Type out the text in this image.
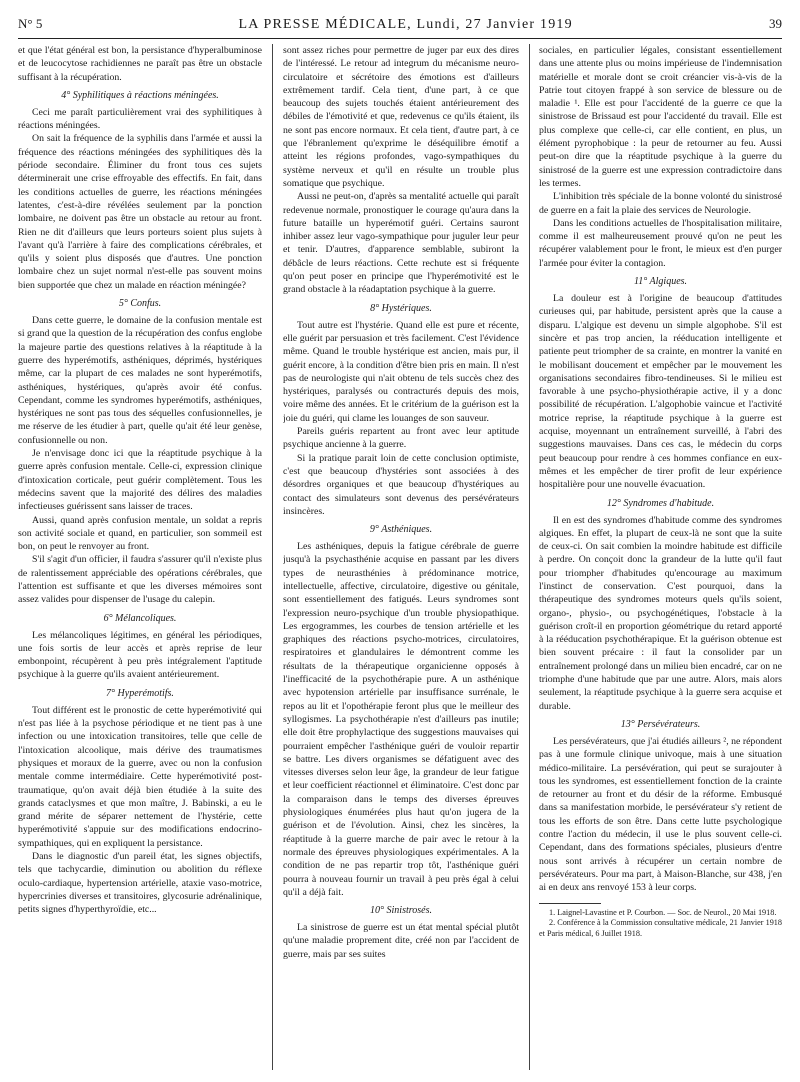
N° 5	LA PRESSE MÉDICALE, Lundi, 27 Janvier 1919	39

et que l'état général est bon, la persistance d'hyperalbuminose et de leucocytose rachidiennes ne paraît pas être un obstacle suffisant à la récupération.

4° Syphilitiques à réactions méningées.

Ceci me paraît particulièrement vrai des syphilitiques à réactions méningées.

On sait la fréquence de la syphilis dans l'armée et aussi la fréquence des réactions méningées des syphilitiques dès la période secondaire. Éliminer du front tous ces sujets déterminerait une crise effroyable des effectifs. En fait, dans les conditions actuelles de guerre, les réactions méningées latentes, c'est-à-dire révélées seulement par la ponction lombaire, ne doivent pas être un obstacle au retour au front. Rien ne dit d'ailleurs que leurs porteurs soient plus sujets à l'avant qu'à l'arrière à faire des complications cérébrales, et qu'ils y soient plus disposés que d'autres. Une ponction lombaire chez un sujet normal n'est-elle pas souvent moins bien supportée que chez un malade en réaction méningée?

5° Confus.

Dans cette guerre, le domaine de la confusion mentale est si grand que la question de la récupération des confus englobe la majeure partie des questions relatives à la réaptitude à la guerre des hyperémotifs, asthéniques, déprimés, hystériques même, car la plupart de ces malades ne sont hyperémotifs, asthéniques, hystériques, qu'après avoir été confus. Cependant, comme les syndromes hyperémotifs, asthéniques, hystériques ne sont pas tous des séquelles confusionnelles, je me réserve de les étudier à part, quelle qu'ait été leur genèse, confusionnelle ou non.

Je n'envisage donc ici que la réaptitude psychique à la guerre après confusion mentale. Celle-ci, expression clinique d'intoxication corticale, peut guérir complètement. Tous les médecins savent que la majorité des délires des maladies infectieuses guérissent sans laisser de traces.

Aussi, quand après confusion mentale, un soldat a repris son activité sociale et quand, en particulier, son sommeil est bon, on peut le renvoyer au front.

S'il s'agit d'un officier, il faudra s'assurer qu'il n'existe plus de ralentissement appréciable des opérations cérébrales, que l'attention est suffisante et que les diverses mémoires sont assez valides pour dispenser de l'usage du calepin.

6° Mélancoliques.

Les mélancoliques légitimes, en général les périodiques, une fois sortis de leur accès et après reprise de leur embonpoint, récupèrent à peu près intégralement l'aptitude psychique à la guerre qu'ils avaient antérieurement.

7° Hyperémotifs.

Tout différent est le pronostic de cette hyperémotivité qui n'est pas liée à la psychose périodique et ne tient pas à une infection ou une intoxication transitoires, telle que celle de l'intoxication alcoolique, mais dérive des traumatismes physiques et moraux de la guerre, avec ou non la confusion mentale comme intermédiaire. Cette hyperémotivité post-traumatique, qu'on avait déjà bien étudiée à la suite des grands cataclysmes et que mon maître, J. Babinski, a eu le grand mérite de séparer nettement de l'hystérie, cette hyperémotivité s'appuie sur des modifications endocrino-sympathiques, qui en expliquent la persistance.

Dans le diagnostic d'un pareil état, les signes objectifs, tels que tachycardie, diminution ou abolition du réflexe oculo-cardiaque, hypertension artérielle, ataxie vaso-motrice, hypercrinies diverses et transitoires, glycosurie adrénalinique, petits signes d'hyperthyroïdie, etc...

sont assez riches pour permettre de juger par eux des dires de l'intéressé. Le retour ad integrum du mécanisme neuro-circulatoire et sécrétoire des émotions est d'ailleurs extrêmement tardif. Cela tient, d'une part, à ce que beaucoup des sujets touchés étaient antérieurement des débiles de l'émotivité et que, redevenus ce qu'ils étaient, ils ne sont pas encore normaux. Et cela tient, d'autre part, à ce que l'ébranlement qu'exprime le déséquilibre émotif a atteint les régions profondes, vago-sympathiques du système nerveux et qu'il en résulte un trouble plus somatique que psychique.

Aussi ne peut-on, d'après sa mentalité actuelle qui paraît redevenue normale, pronostiquer le courage qu'aura dans la future bataille un hyperémotif guéri. Certains sauront inhiber assez leur vago-sympathique pour juguler leur peur et tenir. D'autres, d'apparence semblable, subiront la débâcle de leurs réactions. Cette rechute est si fréquente qu'on peut poser en principe que l'hyperémotivité est le grand obstacle à la réadaptation psychique à la guerre.

8° Hystériques.

Tout autre est l'hystérie. Quand elle est pure et récente, elle guérit par persuasion et très facilement. C'est l'évidence même. Quand le trouble hystérique est ancien, mais pur, il guérit encore, à la condition d'être bien pris en main. Il n'est pas de neurologiste qui n'ait obtenu de tels succès chez des hystériques, paralysés ou contracturés depuis des mois, voire même des années. Et le critérium de la guérison est la joie du guéri, qui clame les louanges de son sauveur.

Pareils guéris repartent au front avec leur aptitude psychique ancienne à la guerre.

Si la pratique parait loin de cette conclusion optimiste, c'est que beaucoup d'hystéries sont associées à des désordres organiques et que beaucoup d'hystériques au contact des simulateurs sont devenus des persévérateurs insincères.

9° Asthéniques.

Les asthéniques, depuis la fatigue cérébrale de guerre jusqu'à la psychasthénie acquise en passant par les divers types de neurasthénies à prédominance motrice, intellectuelle, affective, circulatoire, digestive ou génitale, sont essentiellement des fatigués. Leurs syndromes sont l'expression neuro-psychique d'un trouble physiopathique. Les ergogrammes, les courbes de tension artérielle et les graphiques des réactions psycho-motrices, circulatoires, respiratoires et glandulaires le démontrent comme les résultats de la thérapeutique organicienne opposés à l'inefficacité de la psychothérapie pure. A un asthénique avec hypotension artérielle par insuffisance surrénale, le repos au lit et l'opothérapie feront plus que le meilleur des syllogismes. La psychothérapie n'est d'ailleurs pas inutile; elle doit être prophylactique des suggestions mauvaises qui pourraient empêcher l'asthénique guéri de vouloir repartir se battre. Les divers organismes se défatiguent avec des vitesses diverses selon leur âge, la grandeur de leur fatigue et leur coefficient réactionnel et éliminatoire. C'est donc par la comparaison dans le temps des diverses épreuves physiologiques énumérées plus haut qu'on jugera de la guérison et de l'évolution. Ainsi, chez les sincères, la réaptitude à la guerre marche de pair avec le retour à la normale des épreuves physiologiques expérimentales. A la condition de ne pas repartir trop tôt, l'asthénique guéri pourra à nouveau fournir un travail à peu près égal à celui qu'il a déjà fait.

10° Sinistrosés.

La sinistrose de guerre est un état mental spécial plutôt qu'une maladie proprement dite, créé non par l'accident de guerre, mais par ses suites

sociales, en particulier légales, consistant essentiellement dans une attente plus ou moins impérieuse de l'indemnisation matérielle et morale dont se croit créancier vis-à-vis de la Patrie tout citoyen frappé à son service de blessure ou de maladie ¹. Elle est pour l'accidenté de la guerre ce que la sinistrose de Brissaud est pour l'accidenté du travail. Elle est plus complexe que celle-ci, car elle contient, en plus, un élément pyrophobique : la peur de retourner au feu. Aussi peut-on dire que la réaptitude psychique à la guerre du sinistrosé de la guerre est une expression contradictoire dans les termes.

L'inhibition très spéciale de la bonne volonté du sinistrosé de guerre en a fait la plaie des services de Neurologie.

Dans les conditions actuelles de l'hospitalisation militaire, comme il est malheureusement prouvé qu'on ne peut les récupérer valablement pour le front, le mieux est d'en purger l'armée pour éviter la contagion.

11° Algiques.

La douleur est à l'origine de beaucoup d'attitudes curieuses qui, par habitude, persistent après que la cause a disparu. L'algique est devenu un simple algophobe. S'il est sincère et pas trop ancien, la rééducation intelligente et patiente peut triompher de sa crainte, en montrer la vanité en le mobilisant doucement et empêcher par le mouvement les organisations secondaires fibro-tendineuses. Si le milieu est favorable à une psycho-physiothérapie active, il y a donc possibilité de récupération. L'algophobie vaincue et l'activité motrice reprise, la réaptitude psychique à la guerre est acquise, moyennant un entraînement surveillé, à l'abri des suggestions mauvaises. Dans ces cas, le médecin du corps peut beaucoup pour rendre à ces hommes confiance en eux-mêmes et les empêcher de tirer profit de leur expérience hospitalière pour une nouvelle évacuation.

12° Syndromes d'habitude.

Il en est des syndromes d'habitude comme des syndromes algiques. En effet, la plupart de ceux-là ne sont que la suite de ceux-ci. On sait combien la moindre habitude est difficile à perdre. On conçoit donc la grandeur de la lutte qu'il faut pour triompher d'habitudes qu'encourage au maximum l'instinct de conservation. C'est pourquoi, dans la thérapeutique des syndromes moteurs quels qu'ils soient, organo-, physio-, ou psychogénétiques, l'obstacle à la guérison croît-il en proportion géométrique du retard apporté à la rééducation psychothérapique. Et la guérison obtenue est bien souvent précaire : il faut la consolider par un entraînement prolongé dans un milieu bien encadré, car on ne triomphe d'une habitude que par une autre. Alors, mais alors seulement, la réaptitude psychique à la guerre sera acquise et durable.

13° Persévérateurs.

Les persévérateurs, que j'ai étudiés ailleurs ², ne répondent pas à une formule clinique univoque, mais à une situation médico-militaire. La persévération, qui peut se surajouter à tous les syndromes, est essentiellement fonction de la crainte de retourner au front et du désir de la réforme. Embusqué dans sa manifestation morbide, le persévérateur s'y retient de tous les efforts de son être. Dans cette lutte psychologique contre l'action du médecin, il use le plus souvent celle-ci. Cependant, dans des formations spéciales, plusieurs d'entre nous sont arrivés à récupérer un certain nombre de persévérateurs. Pour ma part, à Maison-Blanche, sur 438, j'en ai en deux ans renvoyé 153 à leur corps.

1. Laignel-Lavastine et P. Courbon. — Soc. de Neurol., 20 Mai 1918.

2. Conférence à la Commission consultative médicale, 21 Janvier 1918 et Paris médical, 6 Juillet 1918.
